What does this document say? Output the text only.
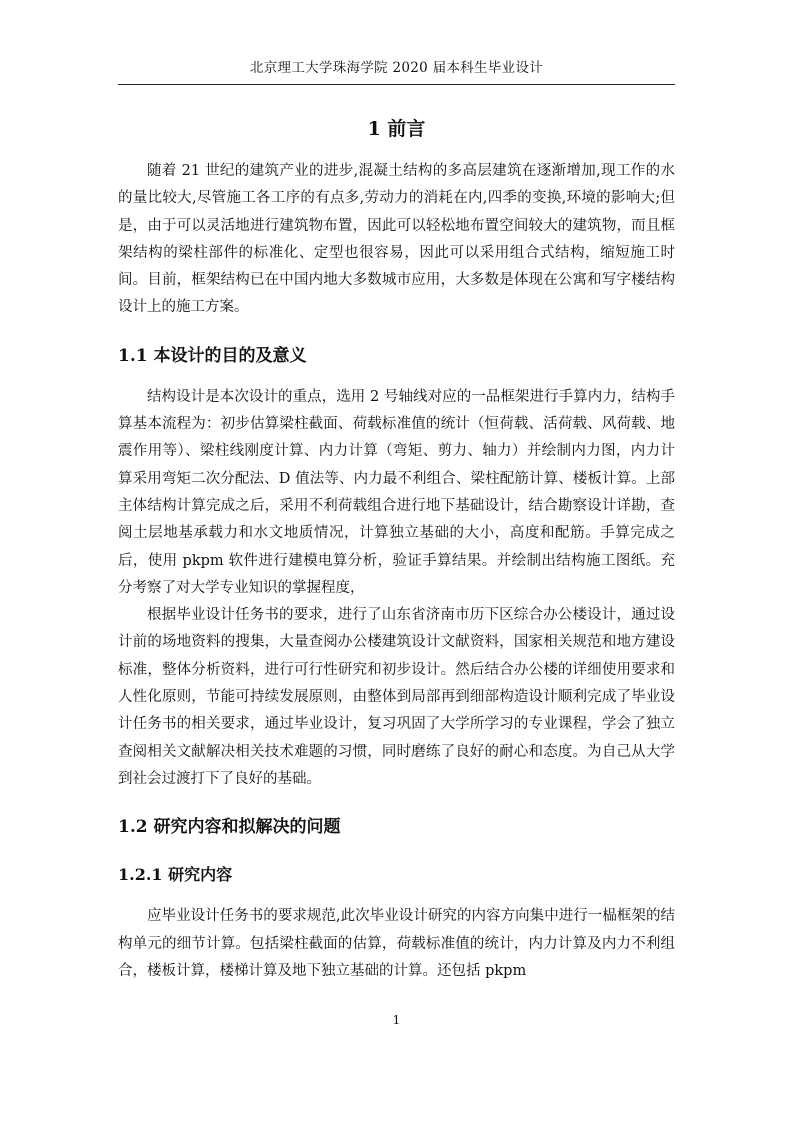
北京理工大学珠海学院 2020 届本科生毕业设计
1 前言

随着 21 世纪的建筑产业的进步,混凝土结构的多高层建筑在逐渐增加,现工作的水的量比较大,尽管施工各工序的有点多,劳动力的消耗在内,四季的变换,环境的影响大;但是，由于可以灵活地进行建筑物布置，因此可以轻松地布置空间较大的建筑物，而且框架结构的梁柱部件的标准化、定型也很容易，因此可以采用组合式结构，缩短施工时间。目前，框架结构已在中国内地大多数城市应用，大多数是体现在公寓和写字楼结构设计上的施工方案。

1.1 本设计的目的及意义

结构设计是本次设计的重点，选用 2 号轴线对应的一品框架进行手算内力，结构手算基本流程为：初步估算梁柱截面、荷载标准值的统计（恒荷载、活荷载、风荷载、地震作用等）、梁柱线刚度计算、内力计算（弯矩、剪力、轴力）并绘制内力图，内力计算采用弯矩二次分配法、D 值法等、内力最不利组合、梁柱配筋计算、楼板计算。上部主体结构计算完成之后，采用不利荷载组合进行地下基础设计，结合勘察设计详勘，查阅土层地基承载力和水文地质情况，计算独立基础的大小，高度和配筋。手算完成之后，使用 pkpm 软件进行建模电算分析，验证手算结果。并绘制出结构施工图纸。充分考察了对大学专业知识的掌握程度，

根据毕业设计任务书的要求，进行了山东省济南市历下区综合办公楼设计，通过设计前的场地资料的搜集，大量查阅办公楼建筑设计文献资料，国家相关规范和地方建设标准，整体分析资料，进行可行性研究和初步设计。然后结合办公楼的详细使用要求和人性化原则，节能可持续发展原则，由整体到局部再到细部构造设计顺利完成了毕业设计任务书的相关要求，通过毕业设计，复习巩固了大学所学习的专业课程，学会了独立查阅相关文献解决相关技术难题的习惯，同时磨练了良好的耐心和态度。为自己从大学到社会过渡打下了良好的基础。

1.2 研究内容和拟解决的问题
1.2.1 研究内容

应毕业设计任务书的要求规范,此次毕业设计研究的内容方向集中进行一榀框架的结构单元的细节计算。包括梁柱截面的估算，荷载标准值的统计，内力计算及内力不利组合，楼板计算，楼梯计算及地下独立基础的计算。还包括 pkpm

1
